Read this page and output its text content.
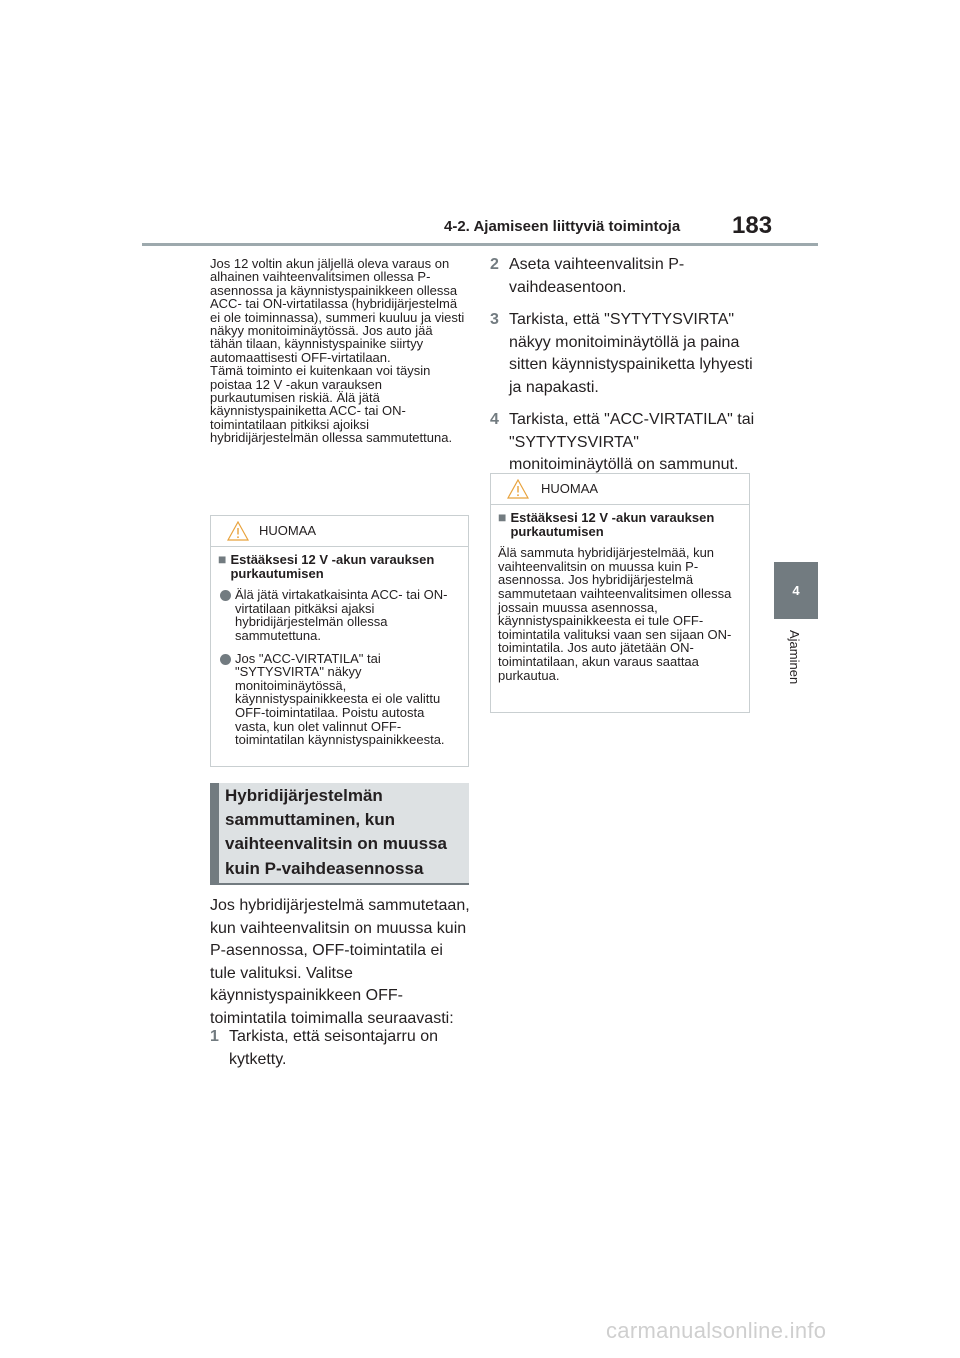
4-2. Ajamiseen liittyviä toimintoja 183
4
Ajaminen

Jos 12 voltin akun jäljellä oleva varaus on alhainen vaihteenvalitsimen ollessa P-asennossa ja käynnistyspainikkeen ollessa ACC- tai ON-virtatilassa (hybridijärjestelmä ei ole toiminnassa), summeri kuuluu ja viesti näkyy monitoiminäytössä. Jos auto jää tähän tilaan, käynnistyspainike siirtyy automaattisesti OFF-virtatilaan.

Tämä toiminto ei kuitenkaan voi täysin poistaa 12 V -akun varauksen purkautumisen riskiä. Älä jätä käynnistyspainiketta ACC- tai ON-toimintatilaan pitkiksi ajoiksi hybridijärjestelmän ollessa sammutettuna.

HUOMAA
■ Estääksesi 12 V -akun varauksen purkautumisen
Älä jätä virtakatkaisinta ACC- tai ON-virtatilaan pitkäksi ajaksi hybridijärjestelmän ollessa sammutettuna.
Jos "ACC-VIRTATILA" tai "SYTYSVIRTA" näkyy monitoiminäytössä, käynnistyspainikkeesta ei ole valittu OFF-toimintatilaa. Poistu autosta vasta, kun olet valinnut OFF-toimintatilan käynnistyspainikkeesta.
Hybridijärjestelmän sammuttaminen, kun vaihteenvalitsin on muussa kuin P-vaihdeasennossa
Jos hybridijärjestelmä sammutetaan, kun vaihteenvalitsin on muussa kuin P-asennossa, OFF-toimintatila ei tule valituksi. Valitse käynnistyspainikkeen OFF-toimintatila toimimalla seuraavasti:
1 Tarkista, että seisontajarru on kytketty.
2 Aseta vaihteenvalitsin P-vaihdeasentoon.
3 Tarkista, että "SYTYTYSVIRTA" näkyy monitoiminäytöllä ja paina sitten käynnistyspainiketta lyhyesti ja napakasti.
4 Tarkista, että "ACC-VIRTATILA" tai "SYTYTYSVIRTA" monitoiminäytöllä on sammunut.
HUOMAA
■ Estääksesi 12 V -akun varauksen purkautumisen
Älä sammuta hybridijärjestelmää, kun vaihteenvalitsin on muussa kuin P-asennossa. Jos hybridijärjestelmä sammutetaan vaihteenvalitsimen ollessa jossain muussa asennossa, käynnistyspainikkeesta ei tule OFF-toimintatila valituksi vaan sen sijaan ON-toimintatila. Jos auto jätetään ON-toimintatilaan, akun varaus saattaa purkautua.
carmanualsonline.info
